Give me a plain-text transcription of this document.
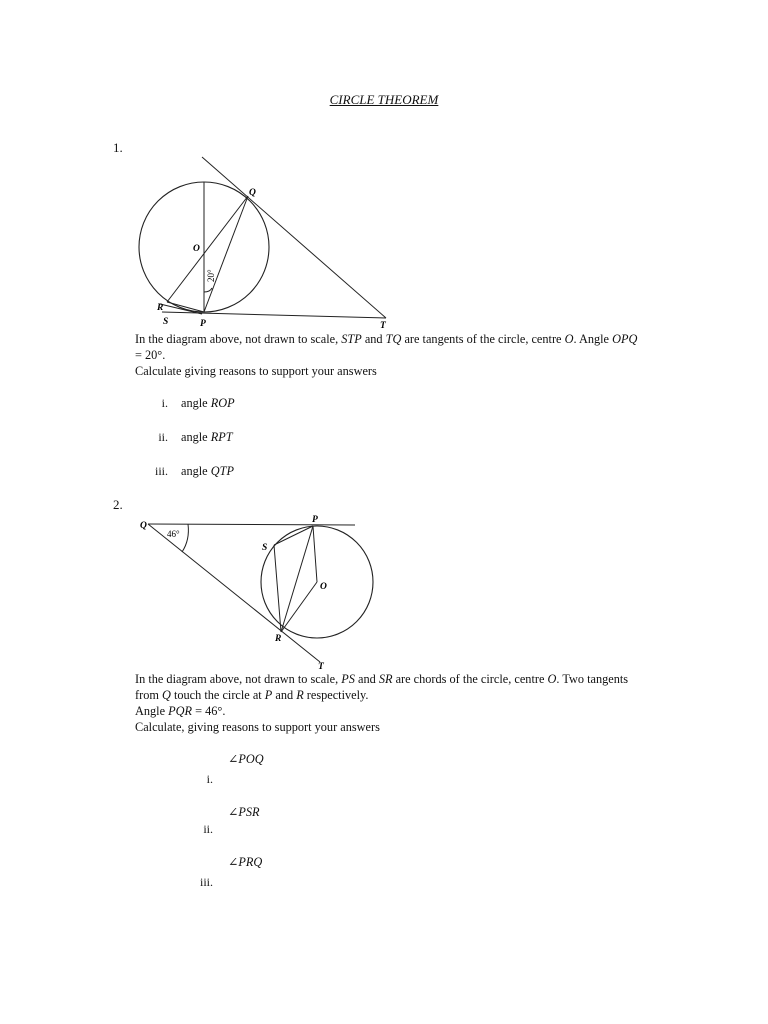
CIRCLE THEOREM
1.
Q
O
R
S	P	T
20°
In the diagram above, not drawn to scale, STP and TQ are tangents of the circle, centre O. Angle OPQ
= 20°.
Calculate giving reasons to support your answers
i. angle ROP
ii. angle RPT
iii. angle QTP
2.
Q
P
S
O
R
T
46°
In the diagram above, not drawn to scale, PS and SR are chords of the circle, centre O. Two tangents
from Q touch the circle at P and R respectively.
Angle PQR = 46°.
Calculate, giving reasons to support your answers
∠POQ
i.
∠PSR
ii.
∠PRQ
iii.
